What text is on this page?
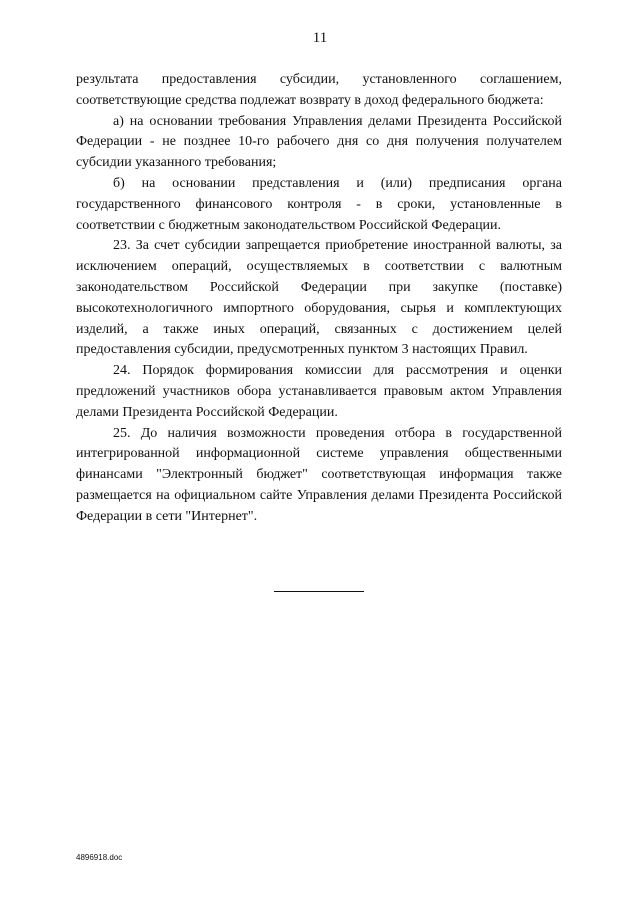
11

результата предоставления субсидии, установленного соглашением, соответствующие средства подлежат возврату в доход федерального бюджета:

а) на основании требования Управления делами Президента Российской Федерации - не позднее 10-го рабочего дня со дня получения получателем субсидии указанного требования;

б) на основании представления и (или) предписания органа государственного финансового контроля - в сроки, установленные в соответствии с бюджетным законодательством Российской Федерации.

23. За счет субсидии запрещается приобретение иностранной валюты, за исключением операций, осуществляемых в соответствии с валютным законодательством Российской Федерации при закупке (поставке) высокотехнологичного импортного оборудования, сырья и комплектующих изделий, а также иных операций, связанных с достижением целей предоставления субсидии, предусмотренных пунктом 3 настоящих Правил.

24. Порядок формирования комиссии для рассмотрения и оценки предложений участников обора устанавливается правовым актом Управления делами Президента Российской Федерации.

25. До наличия возможности проведения отбора в государственной интегрированной информационной системе управления общественными финансами "Электронный бюджет" соответствующая информация также размещается на официальном сайте Управления делами Президента Российской Федерации в сети "Интернет".

4896918.doc
